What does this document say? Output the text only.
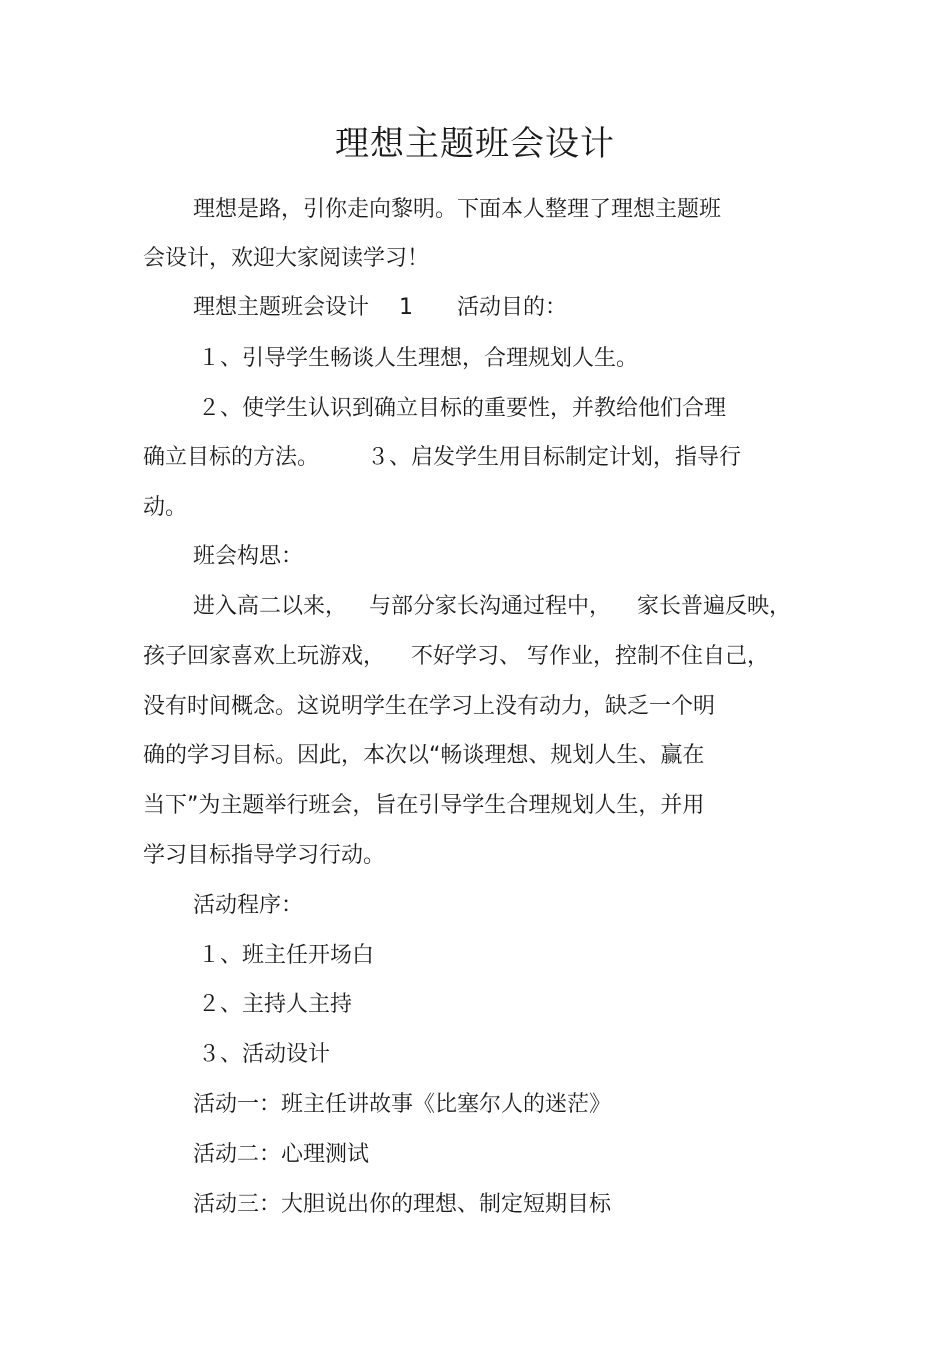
理想主题班会设计

理想是路，引你走向黎明。下面本人整理了理想主题班

会设计，欢迎大家阅读学习！

理想主题班会设计 1 活动目的：

１、引导学生畅谈人生理想，合理规划人生。

２、使学生认识到确立目标的重要性，并教给他们合理

确立目标的方法。 ３、启发学生用目标制定计划，指导行

动。

班会构思：

进入高二以来， 与部分家长沟通过程中， 家长普遍反映，

孩子回家喜欢上玩游戏， 不好学习、 写作业，控制不住自己，

没有时间概念。这说明学生在学习上没有动力，缺乏一个明

确的学习目标。因此，本次以“畅谈理想、规划人生、赢在

当下”为主题举行班会，旨在引导学生合理规划人生，并用

学习目标指导学习行动。

活动程序：

１、班主任开场白

２、主持人主持

３、活动设计

活动一：班主任讲故事《比塞尔人的迷茫》

活动二：心理测试

活动三：大胆说出你的理想、制定短期目标
